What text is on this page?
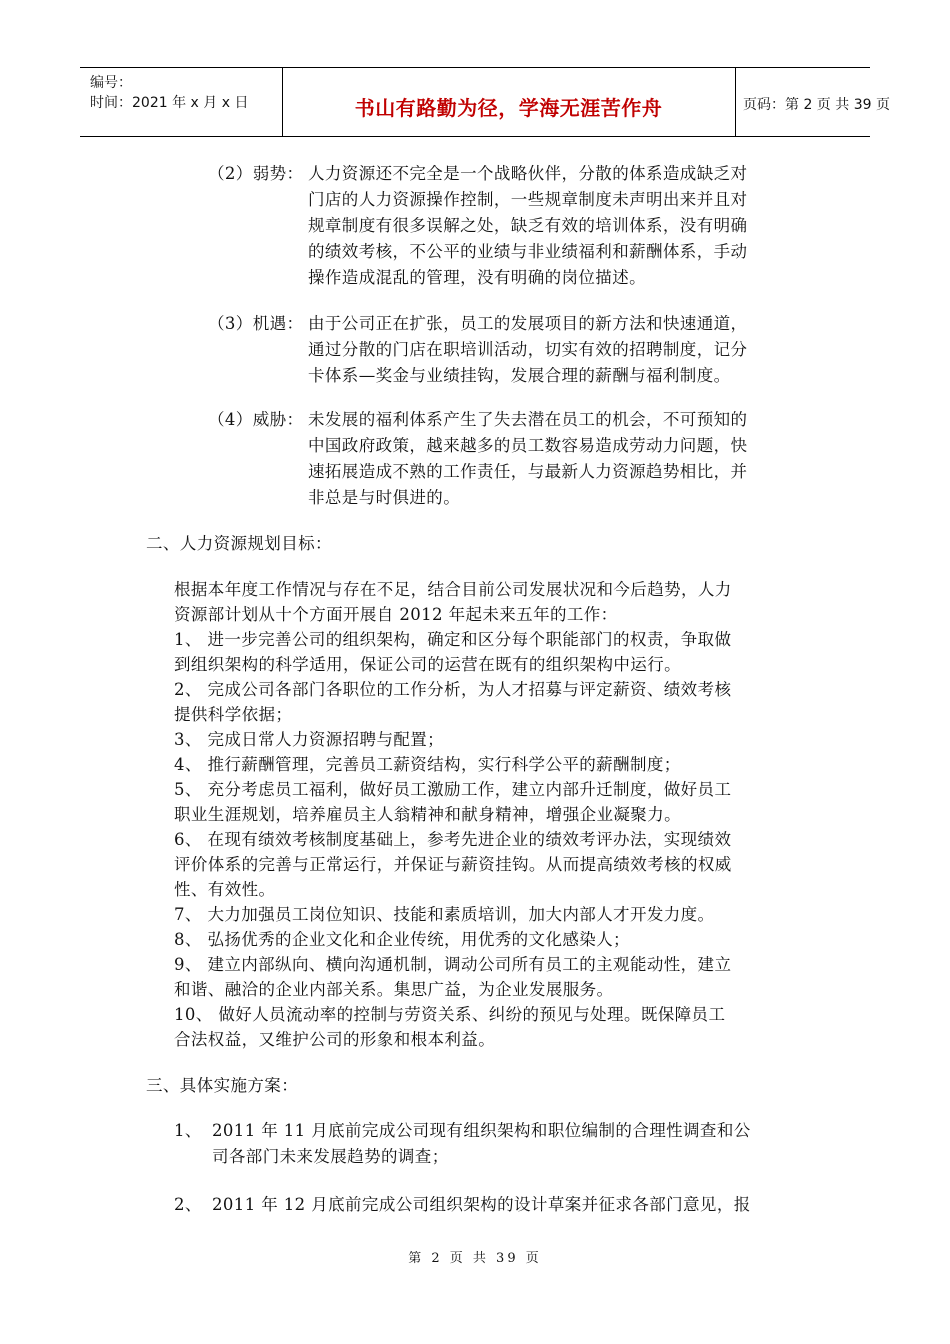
编号：
时间：2021 年 x 月 x 日	书山有路勤为径，学海无涯苦作舟	页码：第 2 页 共 39 页
（2）弱势： 人力资源还不完全是一个战略伙伴，分散的体系造成缺乏对
门店的人力资源操作控制，一些规章制度未声明出来并且对
规章制度有很多误解之处，缺乏有效的培训体系，没有明确
的绩效考核，不公平的业绩与非业绩福利和薪酬体系，手动
操作造成混乱的管理，没有明确的岗位描述。
（3）机遇： 由于公司正在扩张，员工的发展项目的新方法和快速通道，
通过分散的门店在职培训活动，切实有效的招聘制度，记分
卡体系—奖金与业绩挂钩，发展合理的薪酬与福利制度。
（4）威胁： 未发展的福利体系产生了失去潜在员工的机会，不可预知的
中国政府政策，越来越多的员工数容易造成劳动力问题，快
速拓展造成不熟的工作责任，与最新人力资源趋势相比，并
非总是与时俱进的。
二、人力资源规划目标：
根据本年度工作情况与存在不足，结合目前公司发展状况和今后趋势，人力
资源部计划从十个方面开展自 2012 年起未来五年的工作：
1、 进一步完善公司的组织架构，确定和区分每个职能部门的权责，争取做
到组织架构的科学适用，保证公司的运营在既有的组织架构中运行。
2、 完成公司各部门各职位的工作分析，为人才招募与评定薪资、绩效考核
提供科学依据；
3、 完成日常人力资源招聘与配置；
4、 推行薪酬管理，完善员工薪资结构，实行科学公平的薪酬制度；
5、 充分考虑员工福利，做好员工激励工作，建立内部升迁制度，做好员工
职业生涯规划，培养雇员主人翁精神和献身精神，增强企业凝聚力。
6、 在现有绩效考核制度基础上，参考先进企业的绩效考评办法，实现绩效
评价体系的完善与正常运行，并保证与薪资挂钩。从而提高绩效考核的权威
性、有效性。
7、 大力加强员工岗位知识、技能和素质培训，加大内部人才开发力度。
8、 弘扬优秀的企业文化和企业传统，用优秀的文化感染人；
9、 建立内部纵向、横向沟通机制，调动公司所有员工的主观能动性，建立
和谐、融洽的企业内部关系。集思广益，为企业发展服务。
10、 做好人员流动率的控制与劳资关系、纠纷的预见与处理。既保障员工
合法权益，又维护公司的形象和根本利益。
三、具体实施方案：
1、 2011 年 11 月底前完成公司现有组织架构和职位编制的合理性调查和公
司各部门未来发展趋势的调查；
2、 2011 年 12 月底前完成公司组织架构的设计草案并征求各部门意见，报
第 2 页 共 39 页
